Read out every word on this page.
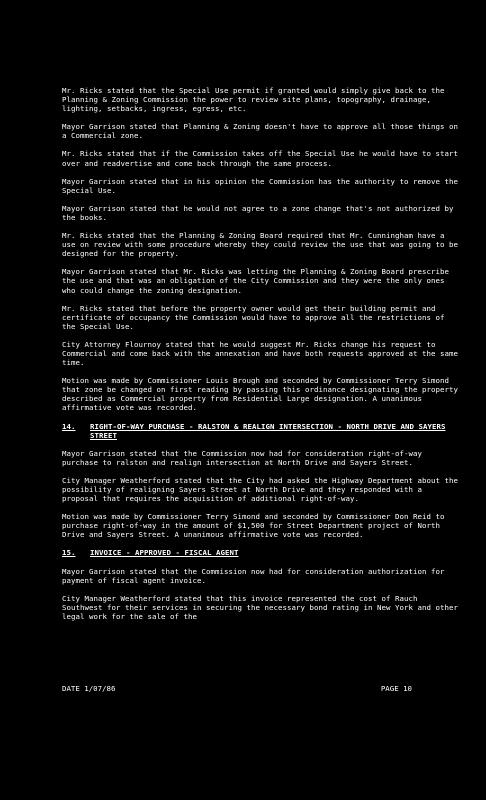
Mr. Ricks stated that the Special Use permit if granted would simply give back to the Planning & Zoning Commission the power to review site plans, topography, drainage, lighting, setbacks, ingress, egress, etc.

Mayor Garrison stated that Planning & Zoning doesn't have to approve all those things on a Commercial zone.

Mr. Ricks stated that if the Commission takes off the Special Use he would have to start over and readvertise and come back through the same process.

Mayor Garrison stated that in his opinion the Commission has the authority to remove the Special Use.

Mayor Garrison stated that he would not agree to a zone change that's not authorized by the books.

Mr. Ricks stated that the Planning & Zoning Board required that Mr. Cunningham have a use on review with some procedure whereby they could review the use that was going to be designed for the property.

Mayor Garrison stated that Mr. Ricks was letting the Planning & Zoning Board prescribe the use and that was an obligation of the City Commission and they were the only ones who could change the zoning designation.

Mr. Ricks stated that before the property owner would get their building permit and certificate of occupancy the Commission would have to approve all the restrictions of the Special Use.

City Attorney Flournoy stated that he would suggest Mr. Ricks change his request to Commercial and come back with the annexation and have both requests approved at the same time.

Motion was made by Commissioner Louis Brough and seconded by Commissioner Terry Simond that zone be changed on first reading by passing this ordinance designating the property described as Commercial property from Residential Large designation. A unanimous affirmative vote was recorded.

14.	RIGHT-OF-WAY PURCHASE - RALSTON & REALIGN INTERSECTION - NORTH DRIVE AND SAYERS STREET

Mayor Garrison stated that the Commission now had for consideration right-of-way purchase to ralston and realign intersection at North Drive and Sayers Street.

City Manager Weatherford stated that the City had asked the Highway Department about the possibility of realigning Sayers Street at North Drive and they responded with a proposal that requires the acquisition of additional right-of-way.

Motion was made by Commissioner Terry Simond and seconded by Commissioner Don Reid to purchase right-of-way in the amount of $1,500 for Street Department project of North Drive and Sayers Street. A unanimous affirmative vote was recorded.

15.	INVOICE - APPROVED - FISCAL AGENT

Mayor Garrison stated that the Commission now had for consideration authorization for payment of fiscal agent invoice.

City Manager Weatherford stated that this invoice represented the cost of Rauch Southwest for their services in securing the necessary bond rating in New York and other legal work for the sale of the

DATE 1/07/86	PAGE 10
